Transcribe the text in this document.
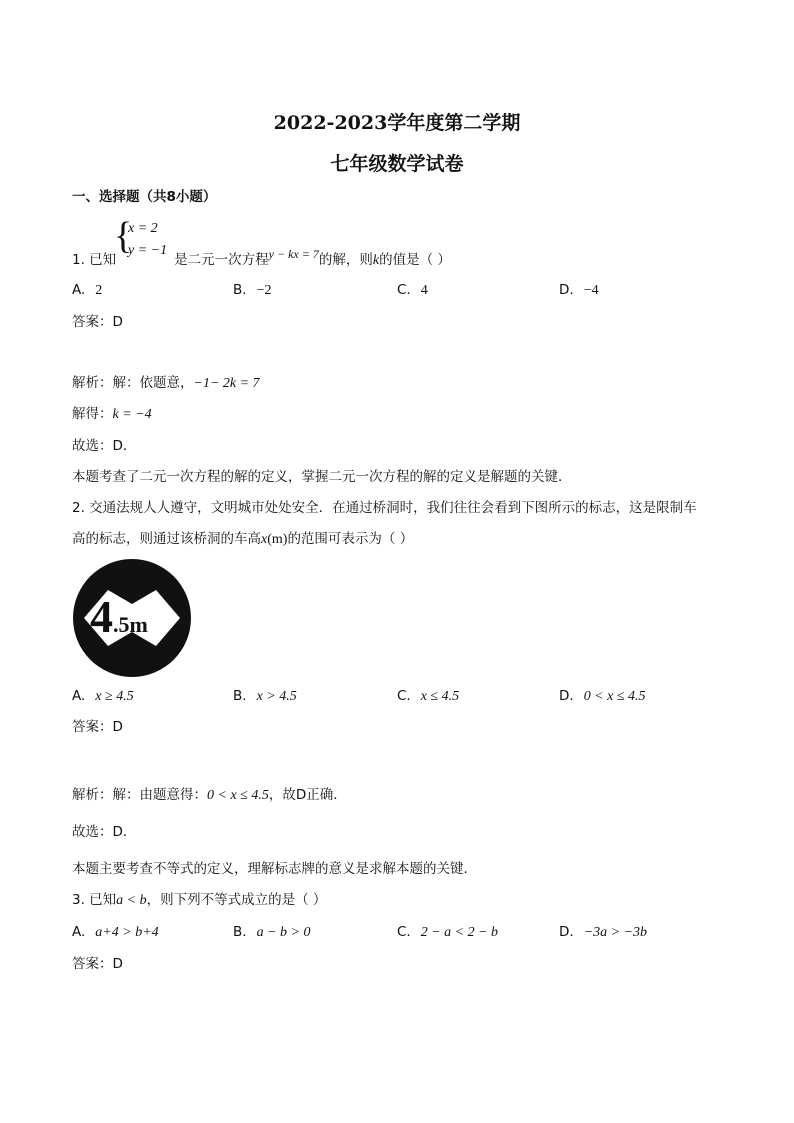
2022-2023学年度第二学期
七年级数学试卷
一、选择题（共8小题）
{
x = 2
y = −1
1. 已知	是二元一次方程y − kx = 7的解，则k的值是（ ）
A. 2	B. −2	C. 4	D. −4
答案：D
解析：解：依题意，−1− 2k = 7
解得：k = −4
故选：D．
本题考查了二元一次方程的解的定义，掌握二元一次方程的解的定义是解题的关键．
2. 交通法规人人遵守，文明城市处处安全．在通过桥洞时，我们往往会看到下图所示的标志，这是限制车
高的标志，则通过该桥洞的车高x(m)的范围可表示为（ ）
4.5m
A. x ≥ 4.5	B. x > 4.5	C. x ≤ 4.5	D. 0 < x ≤ 4.5
答案：D
解析：解：由题意得：0 < x ≤ 4.5，故D正确．
故选：D．
本题主要考查不等式的定义，理解标志牌的意义是求解本题的关键．
3. 已知a < b，则下列不等式成立的是（ ）
A. a+4 > b+4	B. a − b > 0	C. 2 − a < 2 − b	D. −3a > −3b
答案：D
